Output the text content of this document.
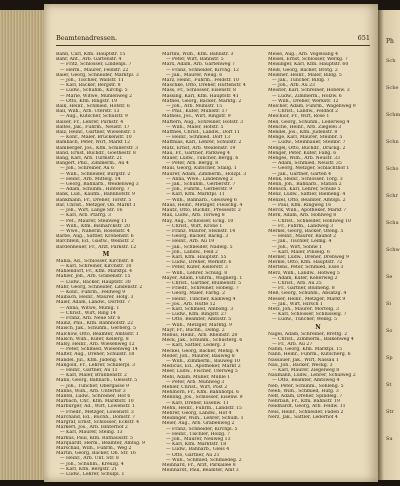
Beamtenadressen.	651
Bahn, Carl, Kfm. Hauptstr. 15
Bahr, Ant., Arb. Gartenstr. 4
— Fritz, Schlosser, Lindenpl. 7
— Herm., Maurer, Feldstr. 22
Baier, Georg, Schneider, Marktpl. 3
— Joh., Tischler, Wallstr. 11
— Karl, Bäcker, Bergstr. 8
— Ludw., Schuhm., Kirchg. 5
— Marie, Witwe, Mühlenweg 2
— Otto, Kfm. Ringstr. 19
Balk, Heinr., Schmied, Hofstr. 6
Ball, Wilh., Arb. Uferstr. 13
— Aug., Kutscher, Schulstr. 9
Balser, Fr., Lehrer, Parkstr. 4
Baltes, Jak., Fuhrm., Neustr. 17
Balz, Heinr., Gärtner, Wiesenstr. 1
— Konr., Maler, Brückenstr. 10
Bambach, Peter, Wirt, Markt 12
Bamberger, Jos., Kfm. Schillerstr. 3
Band, Ernst, Buchdr., Goethestr. 8
Bang, Karl, Arb. Turmstr. 21
Bangert, Phil., Zimmerm., Au 4
— Joh., Schreiner, Au 6
— Wilh., Schneider, Burgstr. 2
— Heinr., Arb. Mittelg. 14
— Georg, Bahnarb., Weidenweg 3
— Adam, Schuhm., Hinterg. 7
Bank, Lud., Kaufm., Bahnhofstr. 9
Bankmann, Fr., Dreher, Torstr. 5
Bär, Christ., Metzger, Ob. Markt 1
— Joh., Wirt, Lange Str. 16
— Karl, Arb. Pfarrg. 3
— Pet., Maurer, Steinweg 11
— Wilh., Kfm. Bismarckstr. 20
— Wwe., Näherin, Rosenstr. 4
Barbe, Aug., Sattler, Kronenstr. 6
Barchfeld, Ed., Gastw., Weinstr. 2
Bardenheuer, Fr., Arzt, Parkstr. 12
M
Mahla, Ad., Schlosser, Kirchstr. 8
— Karl, Schreiner, Kirchstr. 10
Mahlendorf, Fr., Kfm. Marktpl. 4
Mahler, Joh., Arb. Grabenstr. 15
— Ludw., Bäcker, Hauptstr. 30
Mahr, Georg, Schneider, Lindenstr. 2
— Konr., Fuhrm., Feldweg 9
Maibach, Heinr., Maurer, Hofg. 3
Maier, Adam, Landw., Dorfstr. 7
— Anna, Witwe, Mühlg. 1
— Christ., Wirt, Ring 14
— Franz, Arb. Neue Str. 6
Mainz, Phil., Kfm. Bahnhofstr. 22
Maisch, Jak., Schuhm., Gerberg. 5
Malchow, Otto, Beamter, Amtsstr. 1
Malsch, Wilh., Küfer, Kellerg. 8
Malsy, Heinr., Arb. Wiesenweg 12
— Peter, Schmied, Wiesenweg 14
Malter, Aug., Dreher, Schulstr. 18
Mandel, Jul., Kfm. Judeng. 4
Mangold, Fr., Lehrer, Schillerpl. 3
— Heinr., Gärtner, Au 11
— Karl, Maler, Brunnenstr. 2
Mann, Georg, Bahnarb., Gleisstr. 5
— Joh., Tüncher, Obergasse 9
Manns, Wilh., Arb. Untertor 3
Mantel, Ludw., Schreiner, Hof 6
Marbach, Chr., Kfm. Marktstr. 10
Marburger, Ad., Wirt, Löwenstr. 1
— Friedr., Metzger, Löwenstr. 3
Marchand, Ed., Buchh., Domstr. 7
Margraf, Ernst, Schlosser, Eckstr. 4
Markert, Jos., Arb. Hinterhof 2
— Karl, Maurer, Steing. 13
Markus, Paul, Kfm. Rathausstr. 5
Marquardt, Herm., Beamter, Amtsg. 9
Marschall, Wilh., Fuhrm., Weg 2
Martin, Georg, Bäcker, Ob. Str. 16
— Heinr., Arb. Unt. Str. 8
— Joh., Schuhm., Kreuzg. 4
— Karl, Kfm. Bergstr. 21
— Ludw., Lehrer, Schulpl. 1
Martini, Wilh., Kfm. Bahnstr. 3
— Peter, Wirt, Bahnstr. 5
Marx, Adam, Arb. Gartenweg 7
— Franz, Schneider, Kirchg. 12
— Jak., Maurer, Neug. 6
Marz, Heinr., Fuhrm., Feldstr. 10
Maschke, Otto, Dreher, Hüttenstr. 4
Mass, Fr., Schlosser, Eisenstr. 8
Massing, Karl, Kfm. Hauptstr. 41
Mathes, Georg, Bäcker, Marktg. 2
— Joh., Arb. Mühlstr. 15
— Phil., Küfer, Mühlstr. 17
Matheis, Jos., Wirt, Ringstr. 9
Mattern, Aug., Schreiner, Hofstr. 3
— Wilh., Maler, Hofstr. 5
Matthes, Christ., Landw., Dorf 11
— Heinr., Schmied, Dorf 13
Matthias, Karl, Lehrer, Schulstr. 2
Matz, Ernst, Arb. Weidenstr. 19
Mau, Fr., Gärtner, Parkweg 4
Mauer, Ludw., Tüncher, Bergg. 6
— Peter, Arb. Bergg. 8
Maul, Georg, Kutscher, Stallg. 1
Maurer, Adam, Zimmerm., Holzpl. 3
— Anna, Wwe., Lindenweg 2
— Jak., Schuhm., Gerberstr. 7
— Joh., Fuhrm., Gerberstr. 9
— Karl, Kfm. Marktpl. 11
— Wilh., Bahnarb., Gleisweg 6
Maus, Heinr., Metzger, Fleischg. 4
Mautz, Otto, Buchdr., Pressestr. 2
Max, Ludw., Arb. Torweg 8
May, Aug., Schlosser, Eckg. 10
— Christ., Wirt, Krone 1
— Franz, Maurer, Steinstr. 14
— Georg, Bäcker, Backg. 3
— Heinr., Arb. Au 19
— Jak., Schneider, Nadelg. 5
— Joh., Landw., Feld 2
— Karl, Kfm. Hauptstr. 55
— Ludw., Dreher, Werkstr. 6
— Peter, Küfer, Kellerstr. 3
— Wilh., Lehrer, Schulg. 8
Mayer, Adam, Fuhrm., Wagnerg. 1
— Christ., Gärtner, Blumenstr. 5
— Friedr., Schreiner, Hobelg. 7
— Georg, Maler, Farbg. 2
— Heinr., Tüncher, Kalkweg 4
— Jos., Arb. Hütte 12
— Karl, Schmied, Amboßg. 3
— Ludw., Kfm. Ringstr. 27
— Otto, Beamter, Amtsstr. 5
— Wilh., Metzger, Marktg. 9
Mayr, Fr., Buchh., Domg. 2
Mebus, Heinr., Arb. Rheinstr. 20
Meck, Jak., Schuhm., Schusterg. 6
— Karl, Sattler, Lederg. 3
Meckel, Georg, Bäcker, Mehlg. 4
Meder, Joh., Maurer, Bauweg 8
— Wilh., Zimmerm., Bauweg 10
Medicus, Ed., Apotheker, Markt 2
Meer, Ludw., Fischer, Uferweg 5
Mehl, Adam, Müller, Mühle 1
— Peter, Arb. Mühlweg 3
Mehler, Christ., Wirt, Post 2
Mehlhorn, Fr., Kfm. Bahnhofpl. 6
Mehling, Jos., Schlosser, Eisenw. 9
— Karl, Dreher, Eisenw. 11
Mehn, Heinr., Fuhrm., Landstr. 15
Mehrer, Georg, Landw., Hof 4
Meidinger, Wilh., Lehrer, Schulh. 1
Meier, Aug., Arb. Grabenweg 2
— Franz, Schneider, Kirchpl. 5
— Heinr., Tischler, Holzg. 7
— Joh., Maurer, Neuweg 13
— Karl, Kfm. Marktstr. 18
— Ludw., Bahnarb., Gleis 4
— Otto, Gärtner, Au 21
— Wilh., Schmied, Schmiedeg. 2
Meinhard, Fr., Arzt, Parkallee 8
Meinhardt, Paul, Beamter, Amt 3
Meise, Aug., Arb. Vogelsang 4
Meisel, Ernst, Schlosser, Werkg. 7
Meisinger, Karl, Kfm. Hauptstr. 60
Meiß, Georg, Bäcker, Brotg. 2
Meißner, Heinr., Maler, Bildg. 5
— Jak., Tüncher, Bildg. 7
— Joh., Arb. Au 23
Meister, Karl, Schreiner, Hobelw. 3
— Ludw., Zimmerm., Holzw. 6
— Wilh., Dreher, Werkstr. 12
Melcher, Adam, Fuhrm., Wagenweg 9
— Christ., Landw., Feldhof 2
Melchior, Fr., Wirt, Rose 1
Mell, Georg, Schuhm., Lederweg 4
Menche, Heinr., Arb. Ziegelei 3
Mendel, Jos., Kfm. Judenstr. 8
Menge, Karl, Maurer, Steinbr. 5
— Ludw., Steinhauer, Steinbr. 7
Mengel, Otto, Buchdr., Druckg. 2
Menger, Peter, Küfer, Faßg. 6
Menges, Wilh., Arb. Neustr. 33
— Adam, Schmied, Neustr. 35
— Georg, Metzger, Schlachthof 1
— Jak., Gärtner, Garten 4
Menk, Heinr., Schlosser, Torg. 3
Menn, Joh., Bahnarb., Station 2
Mensch, Karl, Lehrer, Schule 5
Menz, Ludw., Sattler, Riemeng. 4
Menzel, Otto, Beamter, Amtspl. 2
— Paul, Kfm. Ringweg 16
Merck, Wilh., Apotheker, Markt 7
Merk, Adam, Arb. Hohlweg 8
— Christ., Schneider, Hohlweg 10
— Fr., Fuhrm., Landweg 3
Merkel, Georg, Bäcker, Ofeng. 5
— Heinr., Maurer, Bauhof 2
— Jak., Tischler, Leimg. 4
— Joh., Wirt, Sonne 1
— Karl, Maler, Pinselg. 6
Merker, Ludw., Dreher, Drehweg 9
Merkle, Otto, Kfm. Hauptstr. 72
Mertens, Peter, Schmied, Esse 3
Merz, Wilh., Landw., Hofweg 5
— Adam, Küfer, Kellerweg 2
— Christ., Arb. Au 25
— Fr., Gärtner, Blumeng. 8
Meß, Georg, Schuhm., Absatzg. 4
Messer, Heinr., Metzger, Markt 9
— Jak., Wirt, Hirsch 1
Metz, Joh., Maurer, Mörtelg. 3
— Karl, Schlosser, Schlüsselg. 7
— Ludw., Tüncher, Weißg. 5
N
Nagel, Adam, Schreiner, Brettg. 2
— Christ., Zimmerm., Balkenweg 4
— Fr., Arb. Au 27
Nahm, Georg, Kfm. Marktpl. 15
Nann, Heinr., Fuhrm., Kutscherg. 6
Nassauer, Jak., Wirt, Nassau 1
Nau, Joh., Bäcker, Weckg. 3
— Karl, Maurer, Ziegelweg 8
Naumann, Ludw., Lehrer, Schulweg 2
— Otto, Beamter, Amtsweg 4
Neb, Peter, Schuhm., Sohleng. 5
Neeb, Wilh., Schmied, Hufg. 3
Neff, Adam, Dreher, Spindelg. 7
Nehrbaß, Fr., Kfm. Bahnstr. 19
Neidhardt, Georg, Arb. Feldw. 11
Neis, Heinr., Schneider, Faden 2
Nerz, Jak., Sattler, Lederhof 4
Ph
Sch
Sche
Schm
Schn
Scho
Schr
Schu
Schw
Se
Si
So
Sp
St
Str
Su
